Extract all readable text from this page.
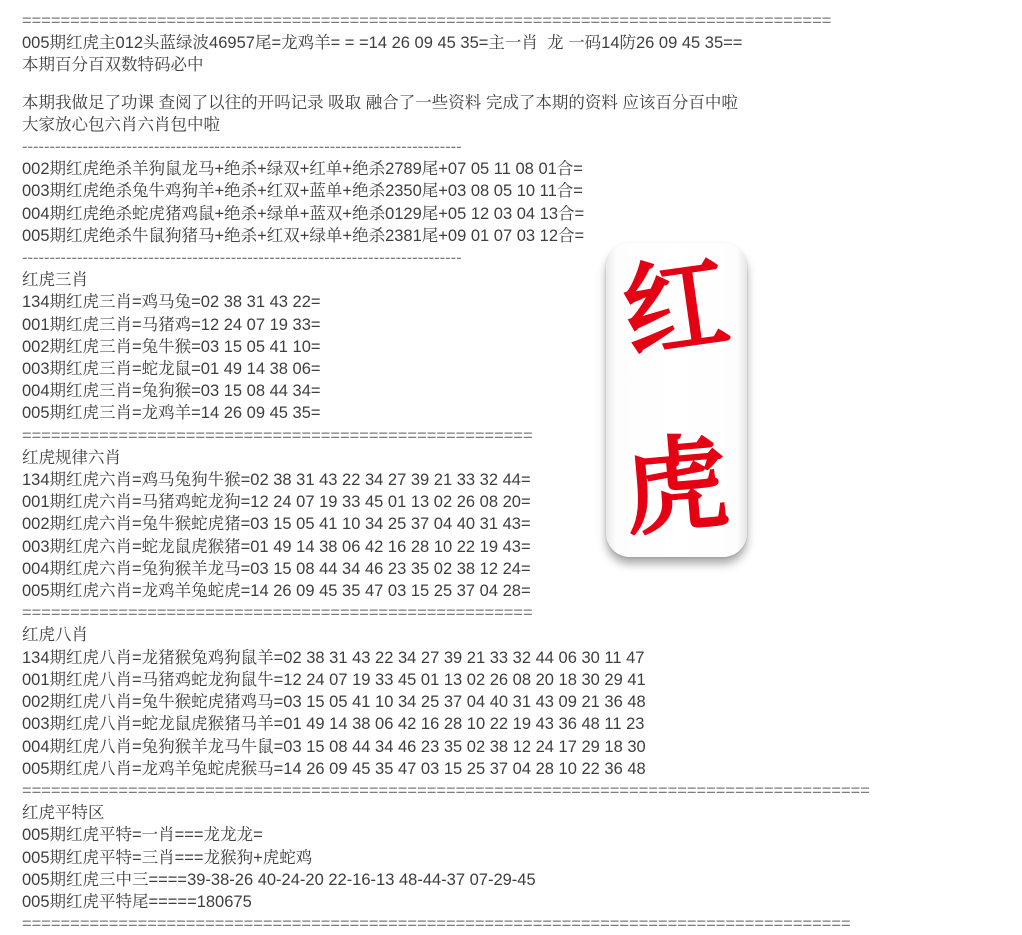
====================================================================================
005期红虎主012头蓝绿波46957尾=龙鸡羊= = =14 26 09 45 35=主一肖  龙 一码14防26 09 45 35==
本期百分百双数特码必中
本期我做足了功课 查阅了以往的开吗记录 吸取 融合了一些资料 完成了本期的资料 应该百分百中啦
大家放心包六肖六肖包中啦
--------------------------------------------------------------------------------
002期红虎绝杀羊狗鼠龙马+绝杀+绿双+红单+绝杀2789尾+07 05 11 08 01合=
003期红虎绝杀兔牛鸡狗羊+绝杀+红双+蓝单+绝杀2350尾+03 08 05 10 11合=
004期红虎绝杀蛇虎猪鸡鼠+绝杀+绿单+蓝双+绝杀0129尾+05 12 03 04 13合=
005期红虎绝杀牛鼠狗猪马+绝杀+红双+绿单+绝杀2381尾+09 01 07 03 12合=
--------------------------------------------------------------------------------
红虎三肖
134期红虎三肖=鸡马兔=02 38 31 43 22=
001期红虎三肖=马猪鸡=12 24 07 19 33=
002期红虎三肖=兔牛猴=03 15 05 41 10=
003期红虎三肖=蛇龙鼠=01 49 14 38 06=
004期红虎三肖=兔狗猴=03 15 08 44 34=
005期红虎三肖=龙鸡羊=14 26 09 45 35=
=====================================================
红虎规律六肖
134期红虎六肖=鸡马兔狗牛猴=02 38 31 43 22 34 27 39 21 33 32 44=
001期红虎六肖=马猪鸡蛇龙狗=12 24 07 19 33 45 01 13 02 26 08 20=
002期红虎六肖=兔牛猴蛇虎猪=03 15 05 41 10 34 25 37 04 40 31 43=
003期红虎六肖=蛇龙鼠虎猴猪=01 49 14 38 06 42 16 28 10 22 19 43=
004期红虎六肖=兔狗猴羊龙马=03 15 08 44 34 46 23 35 02 38 12 24=
005期红虎六肖=龙鸡羊兔蛇虎=14 26 09 45 35 47 03 15 25 37 04 28=
=====================================================
红虎八肖
134期红虎八肖=龙猪猴兔鸡狗鼠羊=02 38 31 43 22 34 27 39 21 33 32 44 06 30 11 47
001期红虎八肖=马猪鸡蛇龙狗鼠牛=12 24 07 19 33 45 01 13 02 26 08 20 18 30 29 41
002期红虎八肖=兔牛猴蛇虎猪鸡马=03 15 05 41 10 34 25 37 04 40 31 43 09 21 36 48
003期红虎八肖=蛇龙鼠虎猴猪马羊=01 49 14 38 06 42 16 28 10 22 19 43 36 48 11 23
004期红虎八肖=兔狗猴羊龙马牛鼠=03 15 08 44 34 46 23 35 02 38 12 24 17 29 18 30
005期红虎八肖=龙鸡羊兔蛇虎猴马=14 26 09 45 35 47 03 15 25 37 04 28 10 22 36 48
========================================================================================
红虎平特区
005期红虎平特=一肖===龙龙龙=
005期红虎平特=三肖===龙猴狗+虎蛇鸡
005期红虎三中三====39-38-26 40-24-20 22-16-13 48-44-37 07-29-45
005期红虎平特尾=====180675
======================================================================================
红
虎
